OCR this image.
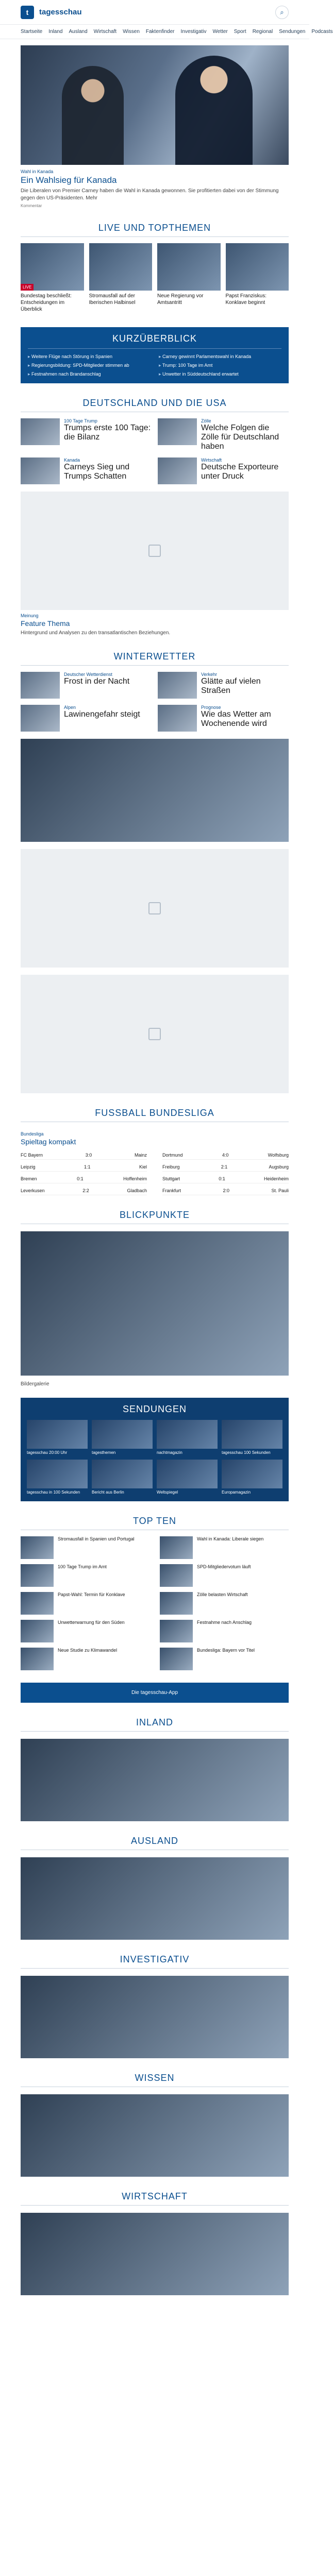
t	tagesschau	⌕
Startseite Inland Ausland Wirtschaft Wissen Faktenfinder Investigativ Wetter Sport Regional Sendungen Podcasts
Wahl in Kanada
Ein Wahlsieg für Kanada
Die Liberalen von Premier Carney haben die Wahl in Kanada gewonnen. Sie profitierten dabei von der Stimmung gegen den US-Präsidenten. Mehr
Kommentar
LIVE UND TOPTHEMEN
LIVE
Bundestag beschließt: Entscheidungen im Überblick
Stromausfall auf der Iberischen Halbinsel
Neue Regierung vor Amtsantritt
Papst Franziskus: Konklave beginnt
KURZÜBERBLICK
▸ Weitere Flüge nach Störung in Spanien	▸ Carney gewinnt Parlamentswahl in Kanada
▸ Regierungsbildung: SPD-Mitglieder stimmen ab	▸ Trump: 100 Tage im Amt
▸ Festnahmen nach Brandanschlag	▸ Unwetter in Süddeutschland erwartet
DEUTSCHLAND UND DIE USA
100 Tage Trump
Trumps erste 100 Tage: die Bilanz
Zölle
Welche Folgen die Zölle für Deutschland haben
Kanada
Carneys Sieg und Trumps Schatten
Wirtschaft
Deutsche Exporteure unter Druck
Meinung
Feature Thema
Hintergrund und Analysen zu den transatlantischen Beziehungen.
WINTERWETTER
Deutscher Wetterdienst
Frost in der Nacht
Verkehr
Glätte auf vielen Straßen
Alpen
Lawinengefahr steigt
Prognose
Wie das Wetter am Wochenende wird
FUSSBALL BUNDESLIGA
Bundesliga
Spieltag kompakt
FC Bayern	3:0	Mainz	Dortmund	4:0	Wolfsburg
Leipzig	1:1	Kiel	Freiburg	2:1	Augsburg
Bremen	0:1	Hoffenheim	Stuttgart	0:1	Heidenheim
Leverkusen	2:2	Gladbach	Frankfurt	2:0	St. Pauli
BLICKPUNKTE
Bildergalerie
SENDUNGEN
tagesschau 20:00 Uhr	tagesthemen	nachtmagazin	tagesschau 100 Sekunden
tagesschau in 100 Sekunden	Bericht aus Berlin	Weltspiegel	Europamagazin
TOP TEN
Stromausfall in Spanien und Portugal	Wahl in Kanada: Liberale siegen
100 Tage Trump im Amt	SPD-Mitgliedervotum läuft
Papst-Wahl: Termin für Konklave	Zölle belasten Wirtschaft
Unwetterwarnung für den Süden	Festnahme nach Anschlag
Neue Studie zu Klimawandel	Bundesliga: Bayern vor Titel
Die tagesschau-App
INLAND
AUSLAND
INVESTIGATIV
WISSEN
WIRTSCHAFT
